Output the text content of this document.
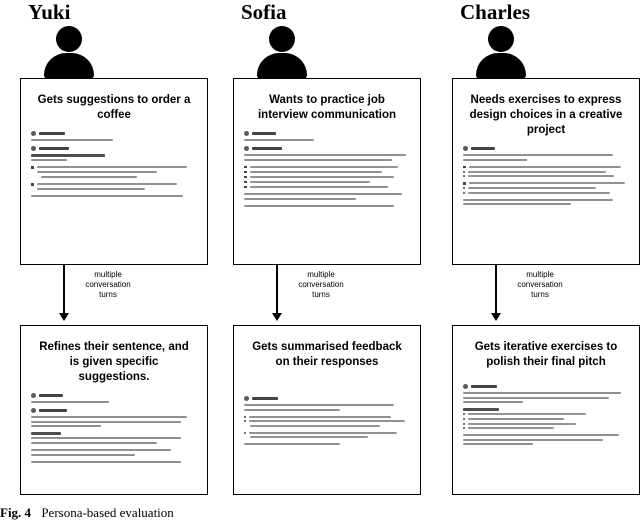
Yuki
Gets suggestions to order a coffee
multiple
conversation
turns
Refines their sentence, and is given specific suggestions.
Sofia
Wants to practice job interview communication
multiple
conversation
turns
Gets summarised feedback on their responses
Charles
Needs exercises to express design choices in a creative project
multiple
conversation
turns
Gets iterative exercises to polish their final pitch
Fig. 4 Persona-based evaluation
